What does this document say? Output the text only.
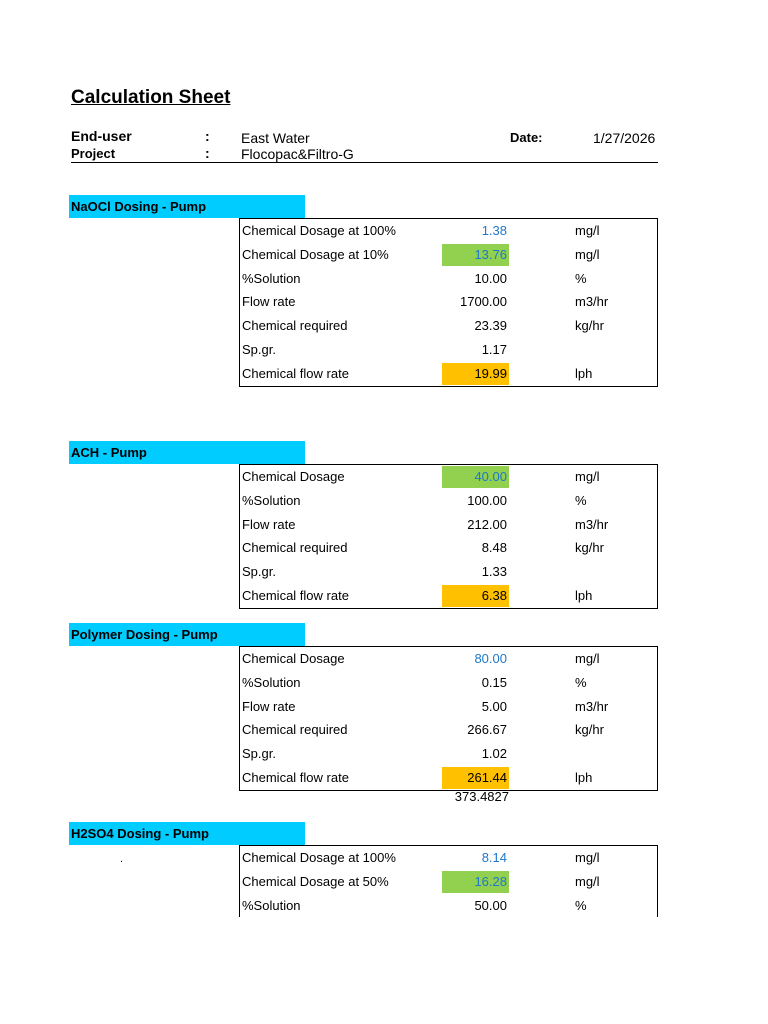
Calculation Sheet
End-user	: East Water	Date:	1/27/2026
Project	: Flocopac&Filtro-G
NaOCl Dosing - Pump
Chemical Dosage at 100%	1.38	mg/l
Chemical Dosage at 10%	13.76	mg/l
%Solution	10.00	%
Flow rate	1700.00	m3/hr
Chemical required	23.39	kg/hr
Sp.gr.	1.17
Chemical flow rate	19.99	lph
ACH - Pump
Chemical Dosage	40.00	mg/l
%Solution	100.00	%
Flow rate	212.00	m3/hr
Chemical required	8.48	kg/hr
Sp.gr.	1.33
Chemical flow rate	6.38	lph
Polymer Dosing - Pump
Chemical Dosage	80.00	mg/l
%Solution	0.15	%
Flow rate	5.00	m3/hr
Chemical required	266.67	kg/hr
Sp.gr.	1.02
Chemical flow rate	261.44	lph
373.4827
H2SO4 Dosing - Pump
.	Chemical Dosage at 100%	8.14	mg/l
Chemical Dosage at 50%	16.28	mg/l
%Solution	50.00	%
